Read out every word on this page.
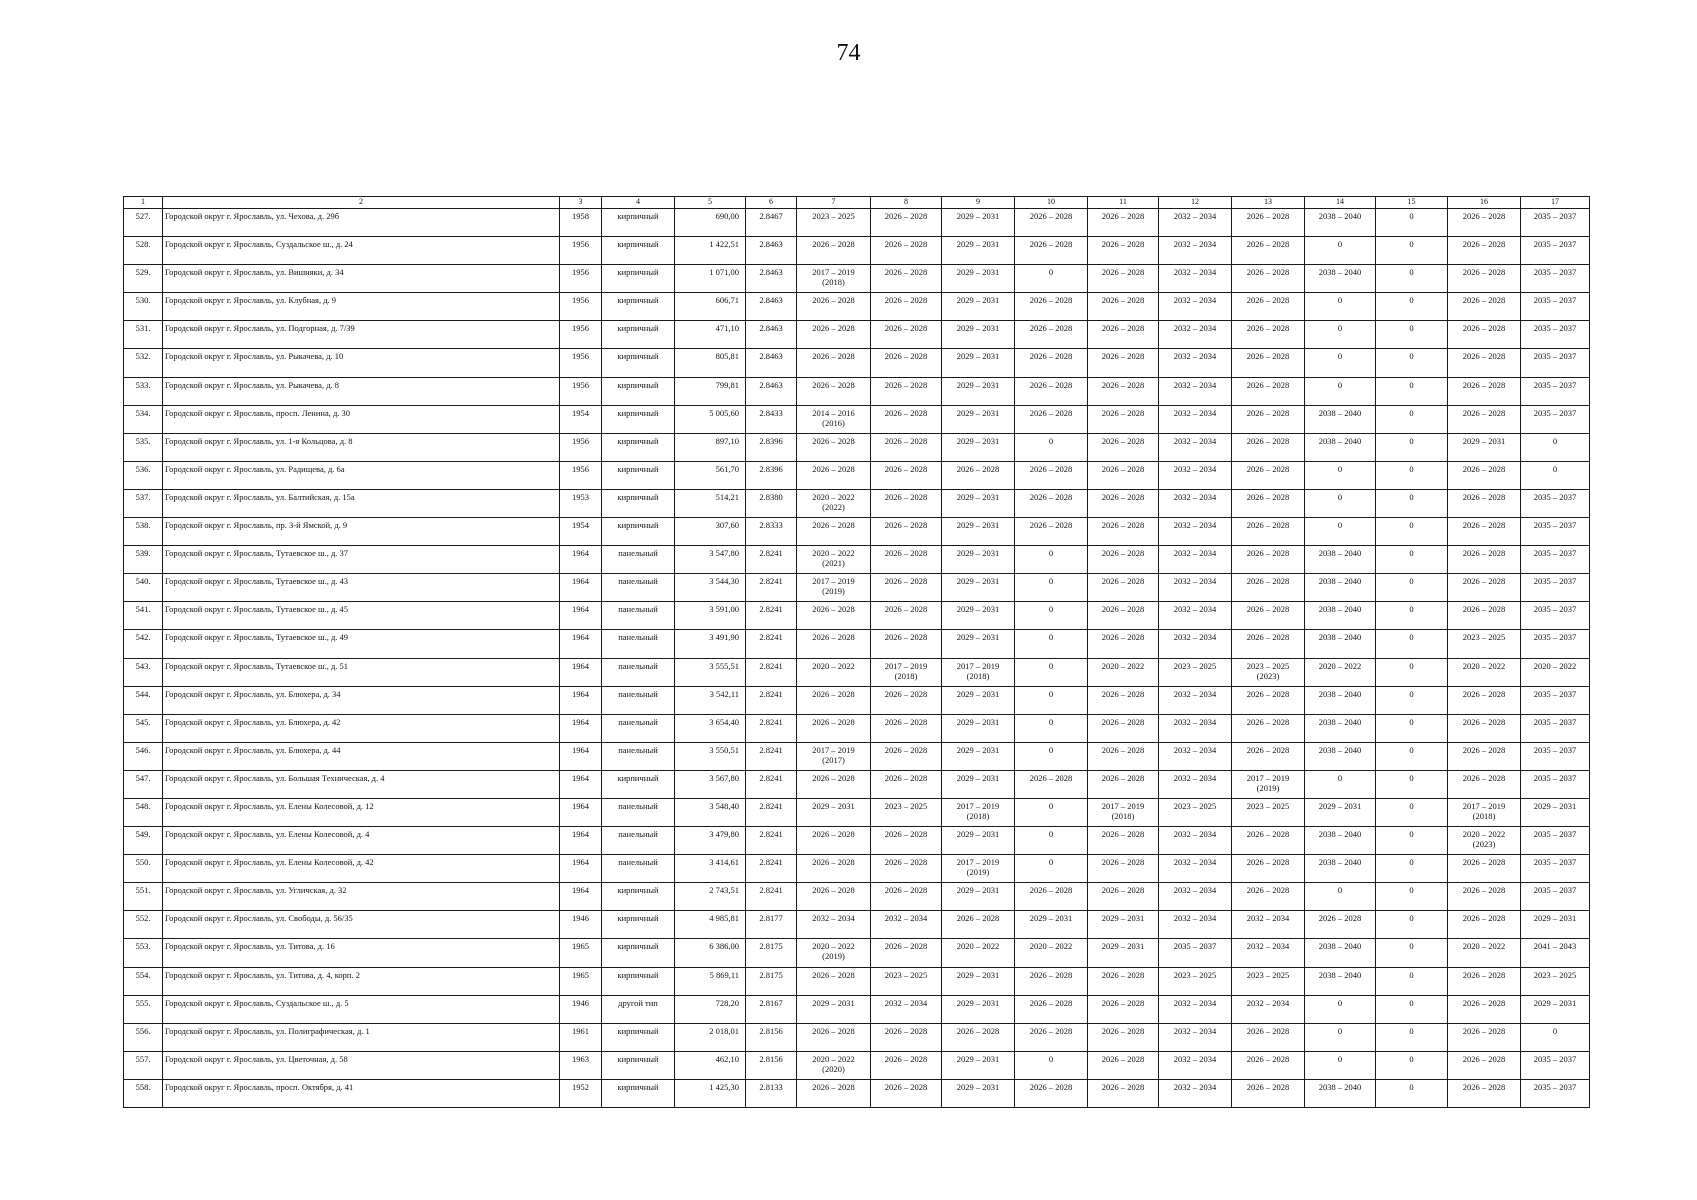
74
1	2	3	4	5	6	7	8	9	10	11	12	13	14	15	16	17

527.	Городской округ г. Ярославль, ул. Чехова, д. 29б	1958	кирпичный	690,00	2.8467	2023 – 2025	2026 – 2028	2029 – 2031	2026 – 2028	2026 – 2028	2032 – 2034	2026 – 2028	2038 – 2040	0	2026 – 2028	2035 – 2037

528.	Городской округ г. Ярославль, Суздальское ш., д. 24	1956	кирпичный	1 422,51	2.8463	2026 – 2028	2026 – 2028	2029 – 2031	2026 – 2028	2026 – 2028	2032 – 2034	2026 – 2028	0	0	2026 – 2028	2035 – 2037

529.	Городской округ г. Ярославль, ул. Вишняки, д. 34	1956	кирпичный	1 071,00	2.8463	2017 – 2019
(2018)	2026 – 2028	2029 – 2031	0	2026 – 2028	2032 – 2034	2026 – 2028	2038 – 2040	0	2026 – 2028	2035 – 2037

530.	Городской округ г. Ярославль, ул. Клубная, д. 9	1956	кирпичный	606,71	2.8463	2026 – 2028	2026 – 2028	2029 – 2031	2026 – 2028	2026 – 2028	2032 – 2034	2026 – 2028	0	0	2026 – 2028	2035 – 2037

531.	Городской округ г. Ярославль, ул. Подгорная, д. 7/39	1956	кирпичный	471,10	2.8463	2026 – 2028	2026 – 2028	2029 – 2031	2026 – 2028	2026 – 2028	2032 – 2034	2026 – 2028	0	0	2026 – 2028	2035 – 2037

532.	Городской округ г. Ярославль, ул. Рыкачева, д. 10	1956	кирпичный	805,81	2.8463	2026 – 2028	2026 – 2028	2029 – 2031	2026 – 2028	2026 – 2028	2032 – 2034	2026 – 2028	0	0	2026 – 2028	2035 – 2037

533.	Городской округ г. Ярославль, ул. Рыкачева, д. 8	1956	кирпичный	799,81	2.8463	2026 – 2028	2026 – 2028	2029 – 2031	2026 – 2028	2026 – 2028	2032 – 2034	2026 – 2028	0	0	2026 – 2028	2035 – 2037

534.	Городской округ г. Ярославль, просп. Ленина, д. 30	1954	кирпичный	5 005,60	2.8433	2014 – 2016
(2016)	2026 – 2028	2029 – 2031	2026 – 2028	2026 – 2028	2032 – 2034	2026 – 2028	2038 – 2040	0	2026 – 2028	2035 – 2037

535.	Городской округ г. Ярославль, ул. 1-я Кольцова, д. 8	1956	кирпичный	897,10	2.8396	2026 – 2028	2026 – 2028	2029 – 2031	0	2026 – 2028	2032 – 2034	2026 – 2028	2038 – 2040	0	2029 – 2031	0

536.	Городской округ г. Ярославль, ул. Радищева, д. 6а	1956	кирпичный	561,70	2.8396	2026 – 2028	2026 – 2028	2026 – 2028	2026 – 2028	2026 – 2028	2032 – 2034	2026 – 2028	0	0	2026 – 2028	0

537.	Городской округ г. Ярославль, ул. Балтийская, д. 15а	1953	кирпичный	514,21	2.8380	2020 – 2022
(2022)	2026 – 2028	2029 – 2031	2026 – 2028	2026 – 2028	2032 – 2034	2026 – 2028	0	0	2026 – 2028	2035 – 2037

538.	Городской округ г. Ярославль, пр. 3-й Ямской, д. 9	1954	кирпичный	307,60	2.8333	2026 – 2028	2026 – 2028	2029 – 2031	2026 – 2028	2026 – 2028	2032 – 2034	2026 – 2028	0	0	2026 – 2028	2035 – 2037

539.	Городской округ г. Ярославль, Тутаевское ш., д. 37	1964	панельный	3 547,80	2.8241	2020 – 2022
(2021)	2026 – 2028	2029 – 2031	0	2026 – 2028	2032 – 2034	2026 – 2028	2038 – 2040	0	2026 – 2028	2035 – 2037

540.	Городской округ г. Ярославль, Тутаевское ш., д. 43	1964	панельный	3 544,30	2.8241	2017 – 2019
(2019)	2026 – 2028	2029 – 2031	0	2026 – 2028	2032 – 2034	2026 – 2028	2038 – 2040	0	2026 – 2028	2035 – 2037

541.	Городской округ г. Ярославль, Тутаевское ш., д. 45	1964	панельный	3 591,00	2.8241	2026 – 2028	2026 – 2028	2029 – 2031	0	2026 – 2028	2032 – 2034	2026 – 2028	2038 – 2040	0	2026 – 2028	2035 – 2037

542.	Городской округ г. Ярославль, Тутаевское ш., д. 49	1964	панельный	3 491,90	2.8241	2026 – 2028	2026 – 2028	2029 – 2031	0	2026 – 2028	2032 – 2034	2026 – 2028	2038 – 2040	0	2023 – 2025	2035 – 2037

543.	Городской округ г. Ярославль, Тутаевское ш., д. 51	1964	панельный	3 555,51	2.8241	2020 – 2022	2017 – 2019
(2018)	2017 – 2019
(2018)	0	2020 – 2022	2023 – 2025	2023 – 2025
(2023)	2020 – 2022	0	2020 – 2022	2020 – 2022

544.	Городской округ г. Ярославль, ул. Блюхера, д. 34	1964	панельный	3 542,11	2.8241	2026 – 2028	2026 – 2028	2029 – 2031	0	2026 – 2028	2032 – 2034	2026 – 2028	2038 – 2040	0	2026 – 2028	2035 – 2037

545.	Городской округ г. Ярославль, ул. Блюхера, д. 42	1964	панельный	3 654,40	2.8241	2026 – 2028	2026 – 2028	2029 – 2031	0	2026 – 2028	2032 – 2034	2026 – 2028	2038 – 2040	0	2026 – 2028	2035 – 2037

546.	Городской округ г. Ярославль, ул. Блюхера, д. 44	1964	панельный	3 550,51	2.8241	2017 – 2019
(2017)	2026 – 2028	2029 – 2031	0	2026 – 2028	2032 – 2034	2026 – 2028	2038 – 2040	0	2026 – 2028	2035 – 2037

547.	Городской округ г. Ярославль, ул. Большая Техническая, д. 4	1964	кирпичный	3 567,80	2.8241	2026 – 2028	2026 – 2028	2029 – 2031	2026 – 2028	2026 – 2028	2032 – 2034	2017 – 2019
(2019)	0	0	2026 – 2028	2035 – 2037

548.	Городской округ г. Ярославль, ул. Елены Колесовой, д. 12	1964	панельный	3 548,40	2.8241	2029 – 2031	2023 – 2025	2017 – 2019
(2018)	0	2017 – 2019
(2018)	2023 – 2025	2023 – 2025	2029 – 2031	0	2017 – 2019
(2018)	2029 – 2031

549.	Городской округ г. Ярославль, ул. Елены Колесовой, д. 4	1964	панельный	3 479,80	2.8241	2026 – 2028	2026 – 2028	2029 – 2031	0	2026 – 2028	2032 – 2034	2026 – 2028	2038 – 2040	0	2020 – 2022
(2023)	2035 – 2037

550.	Городской округ г. Ярославль, ул. Елены Колесовой, д. 42	1964	панельный	3 414,61	2.8241	2026 – 2028	2026 – 2028	2017 – 2019
(2019)	0	2026 – 2028	2032 – 2034	2026 – 2028	2038 – 2040	0	2026 – 2028	2035 – 2037

551.	Городской округ г. Ярославль, ул. Угличская, д. 32	1964	кирпичный	2 743,51	2.8241	2026 – 2028	2026 – 2028	2029 – 2031	2026 – 2028	2026 – 2028	2032 – 2034	2026 – 2028	0	0	2026 – 2028	2035 – 2037

552.	Городской округ г. Ярославль, ул. Свободы, д. 56/35	1946	кирпичный	4 985,81	2.8177	2032 – 2034	2032 – 2034	2026 – 2028	2029 – 2031	2029 – 2031	2032 – 2034	2032 – 2034	2026 – 2028	0	2026 – 2028	2029 – 2031

553.	Городской округ г. Ярославль, ул. Титова, д. 16	1965	кирпичный	6 386,00	2.8175	2020 – 2022
(2019)	2026 – 2028	2020 – 2022	2020 – 2022	2029 – 2031	2035 – 2037	2032 – 2034	2038 – 2040	0	2020 – 2022	2041 – 2043

554.	Городской округ г. Ярославль, ул. Титова, д. 4, корп. 2	1965	кирпичный	5 869,11	2.8175	2026 – 2028	2023 – 2025	2029 – 2031	2026 – 2028	2026 – 2028	2023 – 2025	2023 – 2025	2038 – 2040	0	2026 – 2028	2023 – 2025

555.	Городской округ г. Ярославль, Суздальское ш., д. 5	1946	другой тип	728,20	2.8167	2029 – 2031	2032 – 2034	2029 – 2031	2026 – 2028	2026 – 2028	2032 – 2034	2032 – 2034	0	0	2026 – 2028	2029 – 2031

556.	Городской округ г. Ярославль, ул. Полиграфическая, д. 1	1961	кирпичный	2 018,01	2.8156	2026 – 2028	2026 – 2028	2026 – 2028	2026 – 2028	2026 – 2028	2032 – 2034	2026 – 2028	0	0	2026 – 2028	0

557.	Городской округ г. Ярославль, ул. Цветочная, д. 58	1963	кирпичный	462,10	2.8156	2020 – 2022
(2020)	2026 – 2028	2029 – 2031	0	2026 – 2028	2032 – 2034	2026 – 2028	0	0	2026 – 2028	2035 – 2037

558.	Городской округ г. Ярославль, просп. Октября, д. 41	1952	кирпичный	1 425,30	2.8133	2026 – 2028	2026 – 2028	2029 – 2031	2026 – 2028	2026 – 2028	2032 – 2034	2026 – 2028	2038 – 2040	0	2026 – 2028	2035 – 2037
